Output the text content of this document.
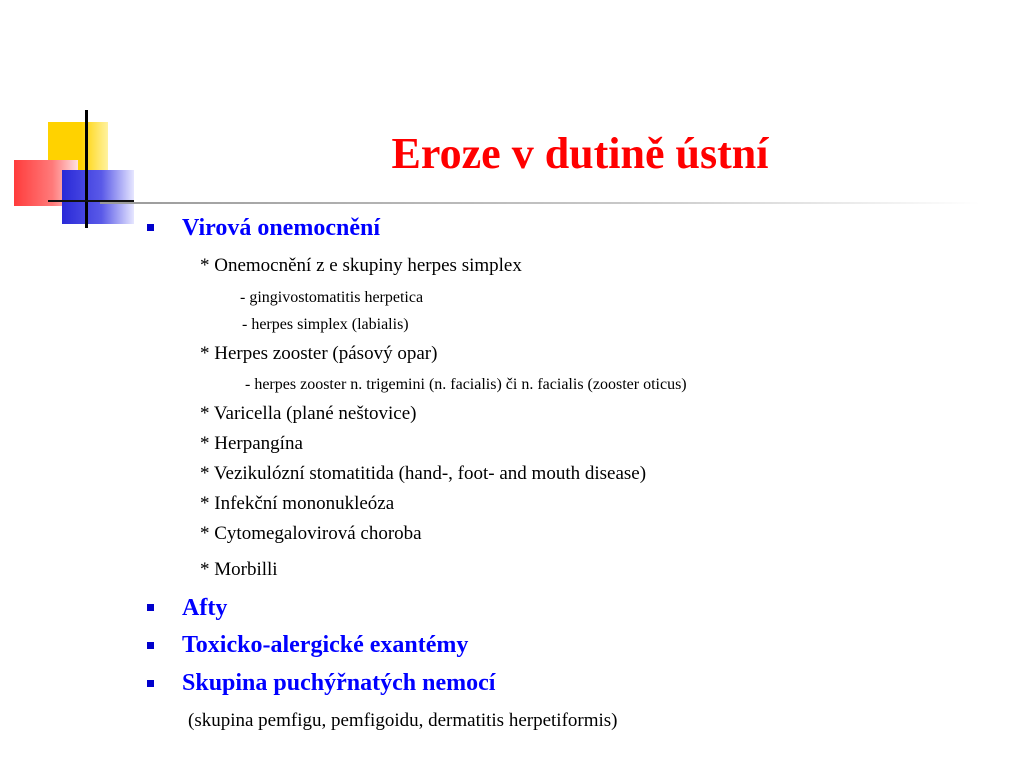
Eroze v dutině ústní
Virová onemocnění
* Onemocnění z e skupiny herpes simplex
- gingivostomatitis herpetica
- herpes simplex (labialis)
* Herpes zooster (pásový opar)
- herpes zooster n. trigemini (n. facialis) či n. facialis (zooster oticus)
* Varicella (plané neštovice)
* Herpangína
* Vezikulózní stomatitida (hand-, foot- and mouth disease)
* Infekční mononukleóza
* Cytomegalovirová choroba
* Morbilli
Afty
Toxicko-alergické exantémy
Skupina puchýřnatých nemocí
(skupina pemfigu, pemfigoidu, dermatitis herpetiformis)
